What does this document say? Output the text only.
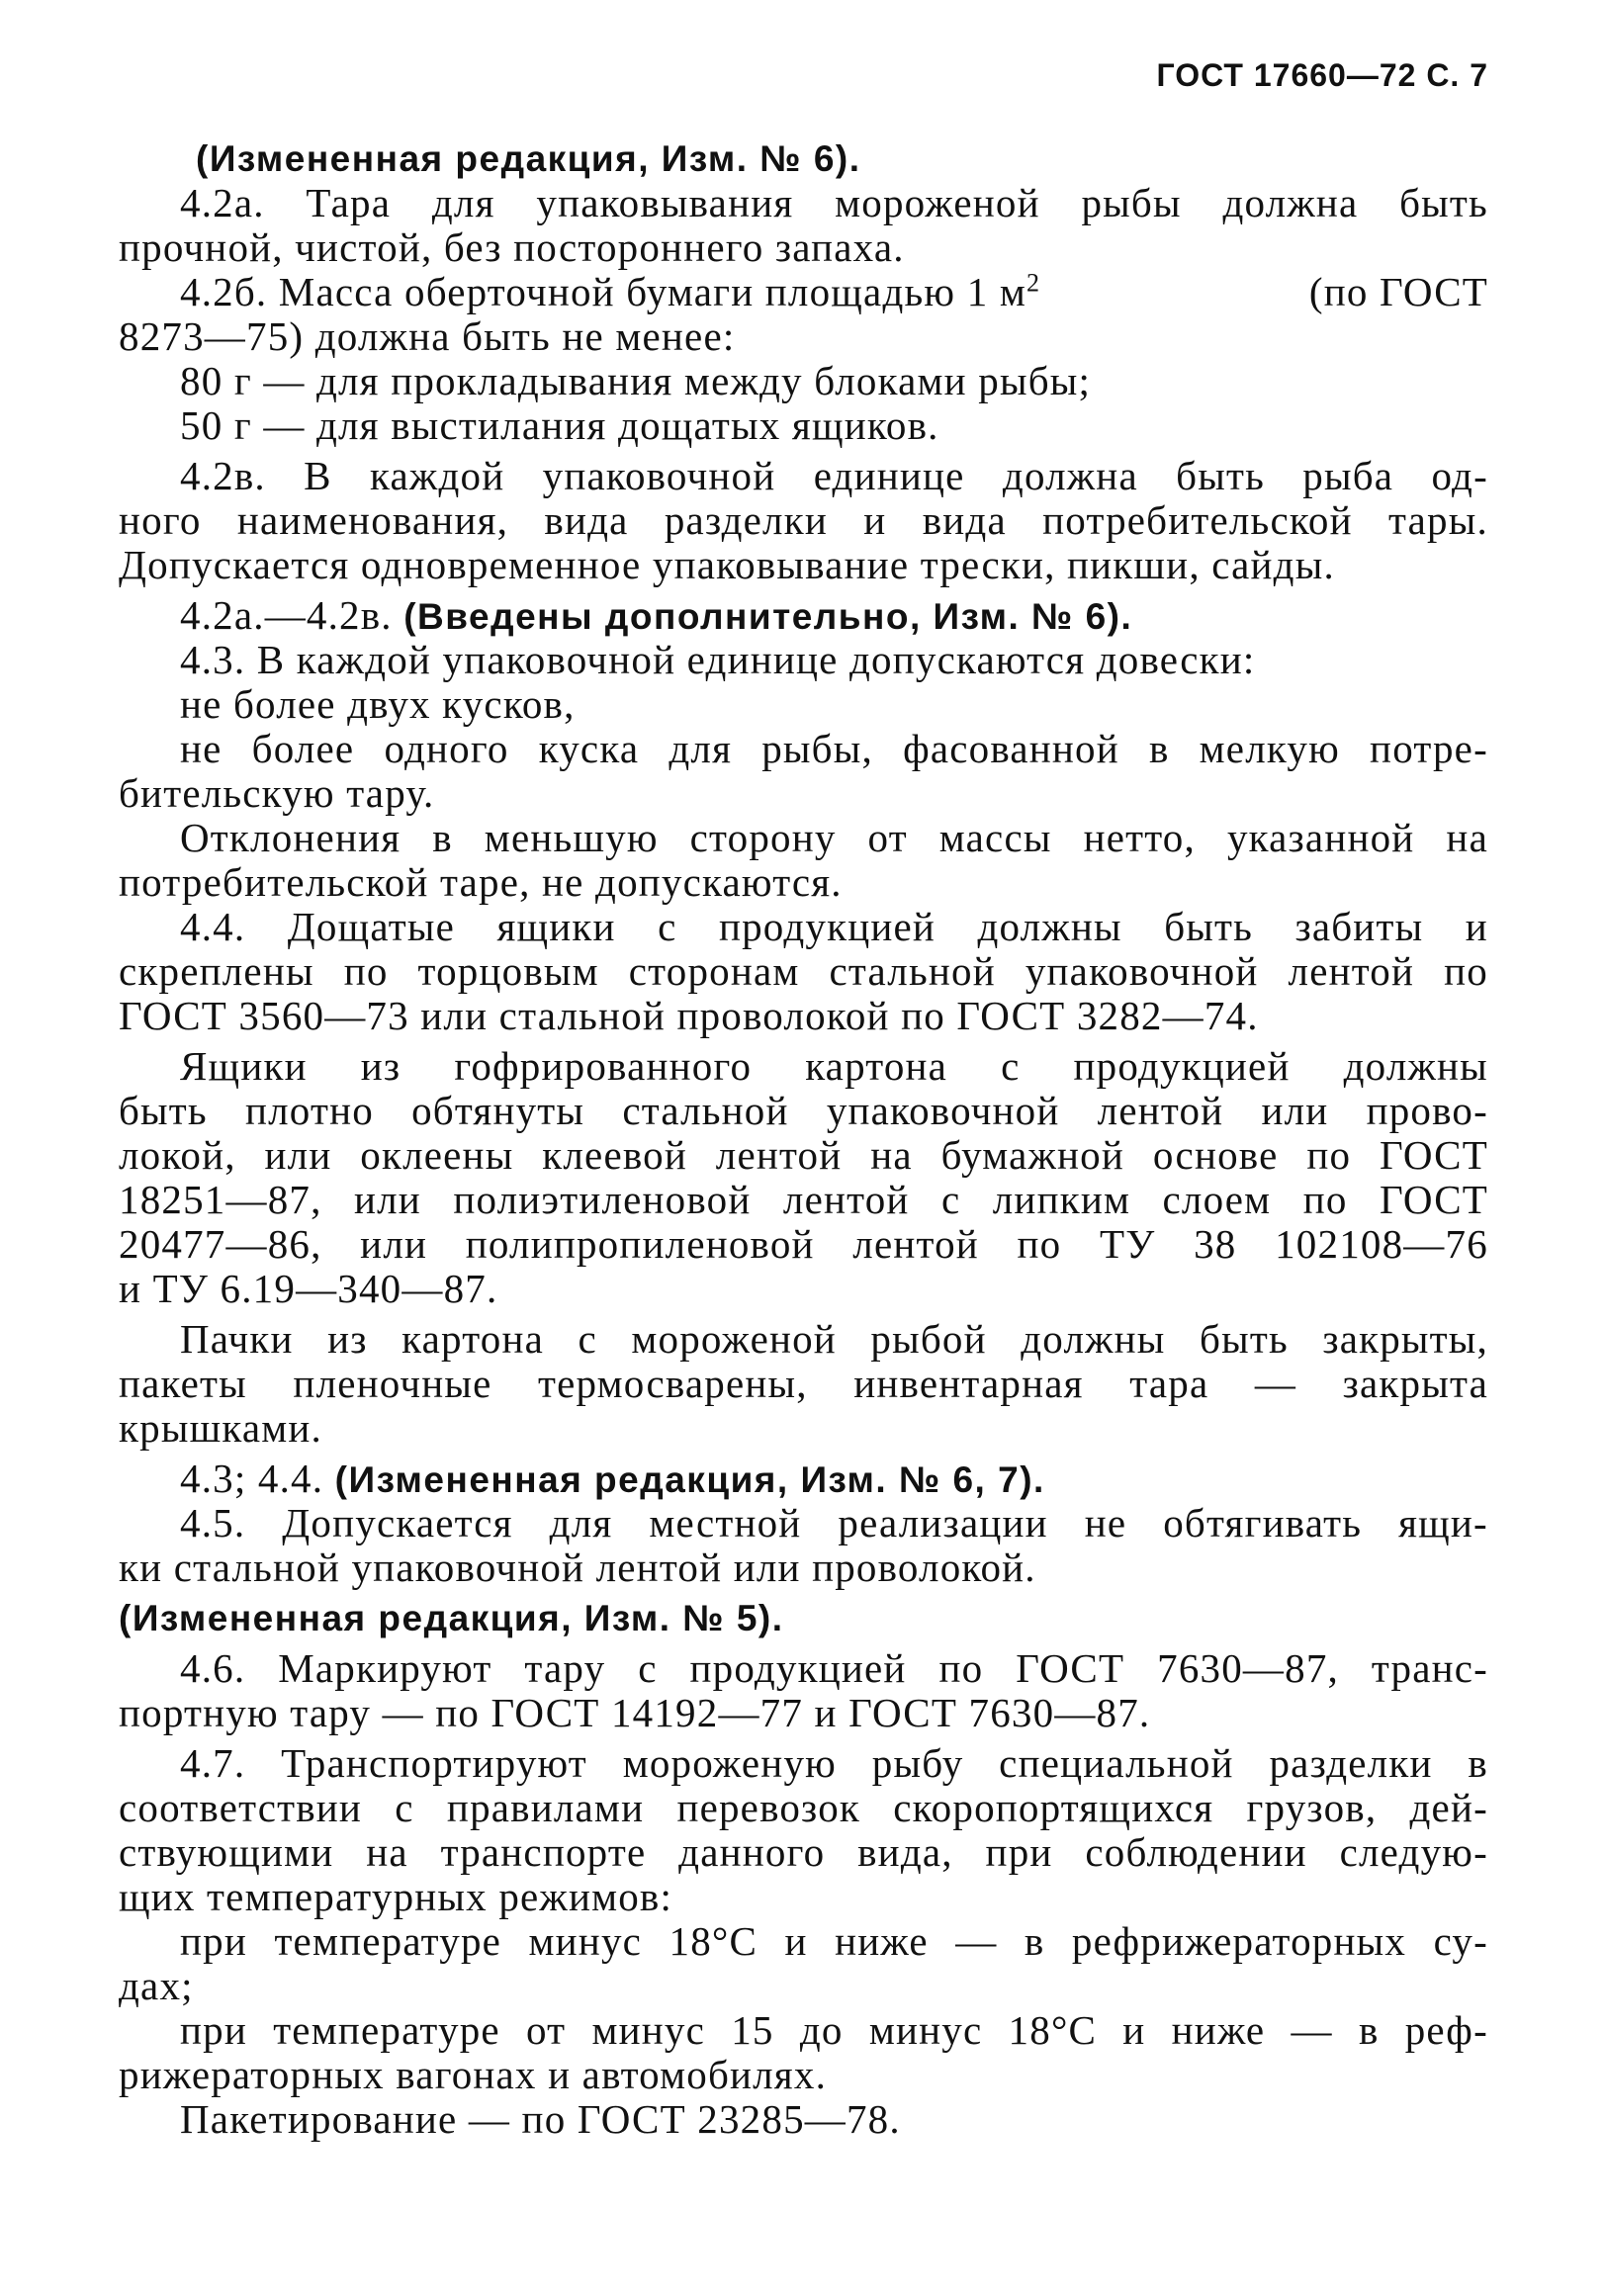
ГОСТ 17660—72 С. 7
(Измененная редакция, Изм. № 6).
4.2а. Тара для упаковывания мороженой рыбы должна быть
прочной, чистой, без постороннего запаха.
4.2б. Масса оберточной бумаги площадью 1 $м^2$	(по ГОСТ
8273—75) должна быть не менее:
80 г — для прокладывания между блоками рыбы;
50 г — для выстилания дощатых ящиков.
4.2в. В каждой упаковочной единице должна быть рыба од-
ного наименования, вида разделки и вида потребительской тары.
Допускается одновременное упаковывание трески, пикши, сайды.
4.2а.—4.2в.
(Введены дополнительно, Изм. № 6).
4.3. В каждой упаковочной единице допускаются довески:
не более двух кусков,
не более одного куска для рыбы, фасованной в мелкую потре-
бительскую тару.
Отклонения в меньшую сторону от массы нетто, указанной на
потребительской таре, не допускаются.
4.4. Дощатые ящики с продукцией должны быть забиты и
скреплены по торцовым сторонам стальной упаковочной лентой по
ГОСТ 3560—73 или стальной проволокой по ГОСТ 3282—74.
Ящики из гофрированного картона с продукцией должны
быть плотно обтянуты стальной упаковочной лентой или прово-
локой, или оклеены клеевой лентой на бумажной основе по ГОСТ
18251—87, или полиэтиленовой лентой с липким слоем по ГОСТ
20477—86, или полипропиленовой лентой по ТУ 38 102108—76
и ТУ 6.19—340—87.
Пачки из картона с мороженой рыбой должны быть закрыты,
пакеты пленочные термосварены, инвентарная тара — закрыта
крышками.
4.3; 4.4.
(Измененная редакция, Изм. № 6, 7).
4.5. Допускается для местной реализации не обтягивать ящи-
ки стальной упаковочной лентой или проволокой.
(Измененная редакция, Изм. № 5).
4.6. Маркируют тару с продукцией по ГОСТ 7630—87, транс-
портную тару — по ГОСТ 14192—77 и ГОСТ 7630—87.
4.7. Транспортируют мороженую рыбу специальной разделки в
соответствии с правилами перевозок скоропортящихся грузов, дей-
ствующими на транспорте данного вида, при соблюдении следую-
щих температурных режимов:
при температуре минус 18°С и ниже — в рефрижераторных су-
дах;
при температуре от минус 15 до минус 18°С и ниже — в реф-
рижераторных вагонах и автомобилях.
Пакетирование — по ГОСТ 23285—78.
